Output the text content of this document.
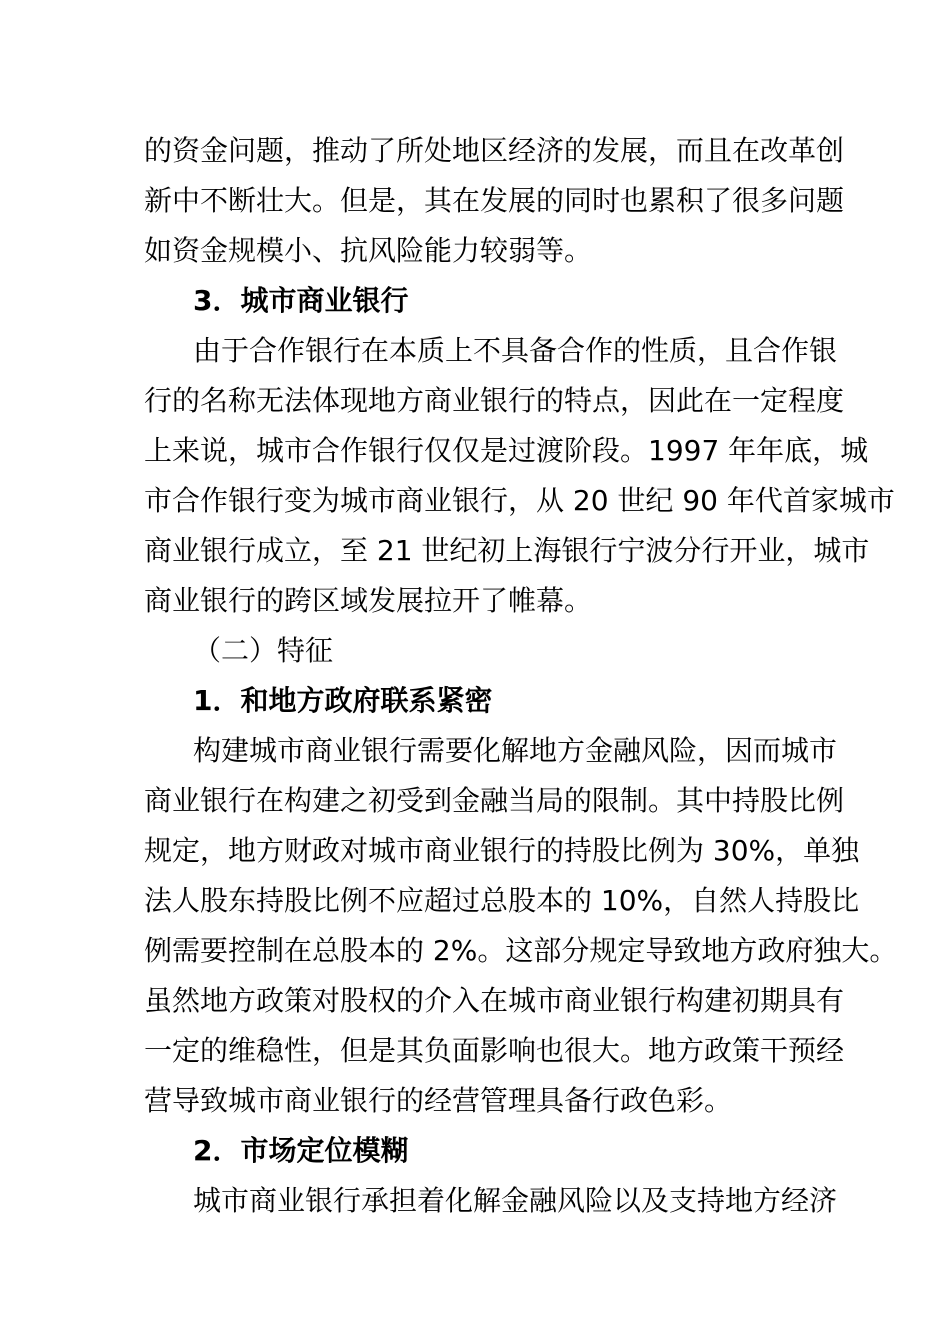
的资金问题，推动了所处地区经济的发展，而且在改革创
新中不断壮大。但是，其在发展的同时也累积了很多问题
如资金规模小、抗风险能力较弱等。
3．城市商业银行
由于合作银行在本质上不具备合作的性质，且合作银
行的名称无法体现地方商业银行的特点，因此在一定程度
上来说，城市合作银行仅仅是过渡阶段。1997 年年底，城
市合作银行变为城市商业银行，从 20 世纪 90 年代首家城市
商业银行成立，至 21 世纪初上海银行宁波分行开业，城市
商业银行的跨区域发展拉开了帷幕。
（二）特征
1．和地方政府联系紧密
构建城市商业银行需要化解地方金融风险，因而城市
商业银行在构建之初受到金融当局的限制。其中持股比例
规定，地方财政对城市商业银行的持股比例为 30%，单独
法人股东持股比例不应超过总股本的 10%，自然人持股比
例需要控制在总股本的 2%。这部分规定导致地方政府独大。
虽然地方政策对股权的介入在城市商业银行构建初期具有
一定的维稳性，但是其负面影响也很大。地方政策干预经
营导致城市商业银行的经营管理具备行政色彩。
2．市场定位模糊
城市商业银行承担着化解金融风险以及支持地方经济
